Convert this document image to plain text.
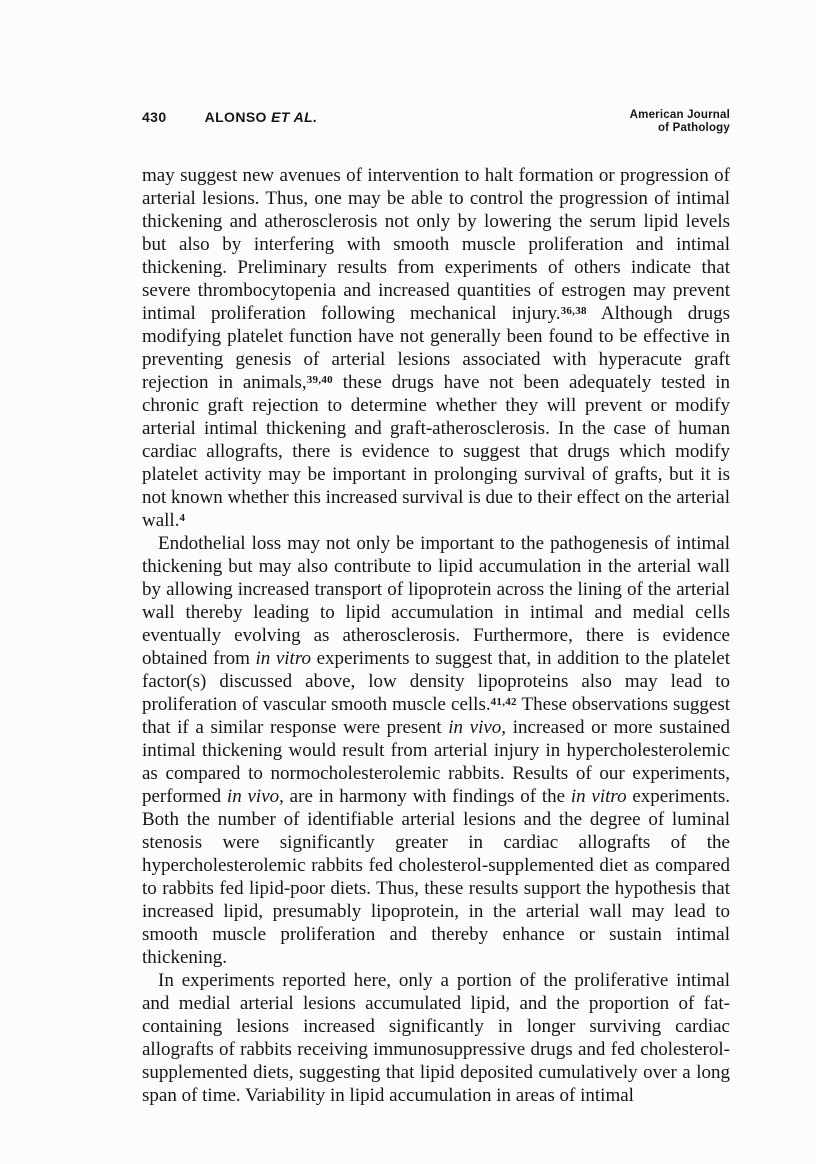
430	ALONSO ET AL.	American Journal
of Pathology

may suggest new avenues of intervention to halt formation or progression of arterial lesions. Thus, one may be able to control the progression of intimal thickening and atherosclerosis not only by lowering the serum lipid levels but also by interfering with smooth muscle proliferation and intimal thickening. Preliminary results from experiments of others indicate that severe thrombocytopenia and increased quantities of estrogen may prevent intimal proliferation following mechanical injury.$^{36,38}$ Although drugs modifying platelet function have not generally been found to be effective in preventing genesis of arterial lesions associated with hyperacute graft rejection in animals,$^{39,40}$ these drugs have not been adequately tested in chronic graft rejection to determine whether they will prevent or modify arterial intimal thickening and graft-atherosclerosis. In the case of human cardiac allografts, there is evidence to suggest that drugs which modify platelet activity may be important in prolonging survival of grafts, but it is not known whether this increased survival is due to their effect on the arterial wall.$^4$

Endothelial loss may not only be important to the pathogenesis of intimal thickening but may also contribute to lipid accumulation in the arterial wall by allowing increased transport of lipoprotein across the lining of the arterial wall thereby leading to lipid accumulation in intimal and medial cells eventually evolving as atherosclerosis. Furthermore, there is evidence obtained from in vitro experiments to suggest that, in addition to the platelet factor(s) discussed above, low density lipoproteins also may lead to proliferation of vascular smooth muscle cells.$^{41,42}$ These observations suggest that if a similar response were present in vivo, increased or more sustained intimal thickening would result from arterial injury in hypercholesterolemic as compared to normocholesterolemic rabbits. Results of our experiments, performed in vivo, are in harmony with findings of the in vitro experiments. Both the number of identifiable arterial lesions and the degree of luminal stenosis were significantly greater in cardiac allografts of the hypercholesterolemic rabbits fed cholesterol-supplemented diet as compared to rabbits fed lipid-poor diets. Thus, these results support the hypothesis that increased lipid, presumably lipoprotein, in the arterial wall may lead to smooth muscle proliferation and thereby enhance or sustain intimal thickening.

In experiments reported here, only a portion of the proliferative intimal and medial arterial lesions accumulated lipid, and the proportion of fat-containing lesions increased significantly in longer surviving cardiac allografts of rabbits receiving immunosuppressive drugs and fed cholesterol-supplemented diets, suggesting that lipid deposited cumulatively over a long span of time. Variability in lipid accumulation in areas of intimal
